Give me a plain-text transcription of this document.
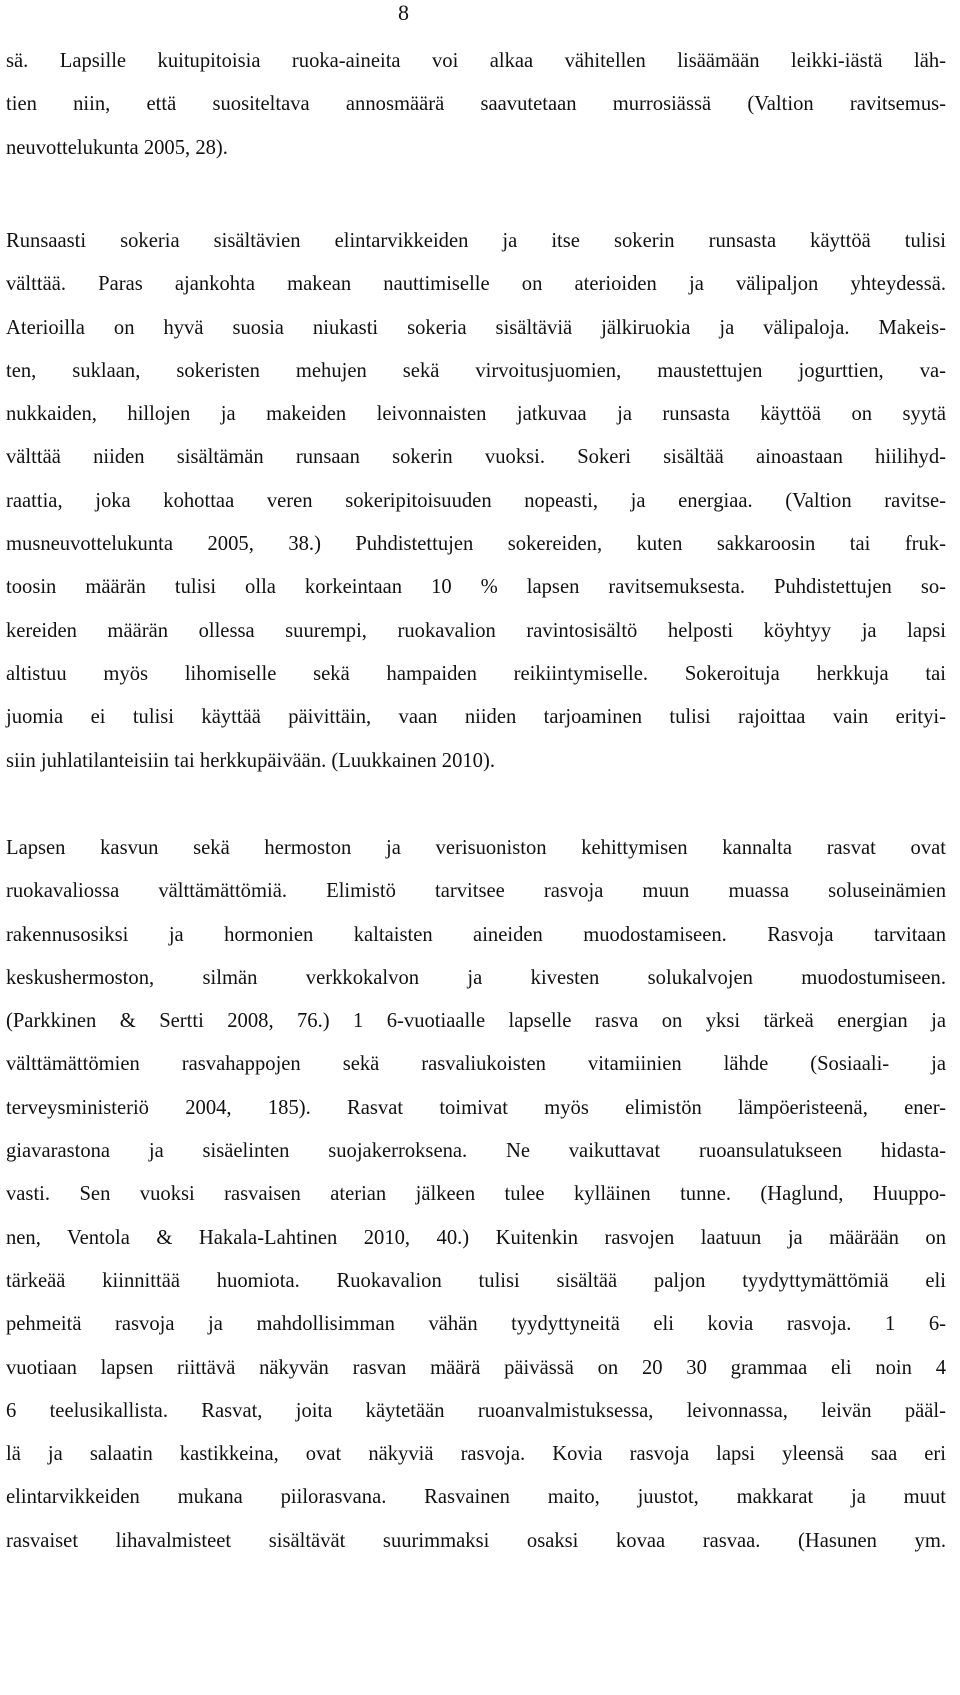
8
sä. Lapsille kuitupitoisia ruoka-aineita voi alkaa vähitellen lisäämään leikki-iästä läh-
tien niin, että suositeltava annosmäärä saavutetaan murrosiässä (Valtion ravitsemus-
neuvottelukunta 2005, 28).
Runsaasti sokeria sisältävien elintarvikkeiden ja itse sokerin runsasta käyttöä tulisi
välttää. Paras ajankohta makean nauttimiselle on aterioiden ja välipaljon yhteydessä.
Aterioilla on hyvä suosia niukasti sokeria sisältäviä jälkiruokia ja välipaloja. Makeis-
ten, suklaan, sokeristen mehujen sekä virvoitusjuomien, maustettujen jogurttien, va-
nukkaiden, hillojen ja makeiden leivonnaisten jatkuvaa ja runsasta käyttöä on syytä
välttää niiden sisältämän runsaan sokerin vuoksi. Sokeri sisältää ainoastaan hiilihyd-
raattia, joka kohottaa veren sokeripitoisuuden nopeasti, ja energiaa. (Valtion ravitse-
musneuvottelukunta 2005, 38.) Puhdistettujen sokereiden, kuten sakkaroosin tai fruk-
toosin määrän tulisi olla korkeintaan 10 % lapsen ravitsemuksesta. Puhdistettujen so-
kereiden määrän ollessa suurempi, ruokavalion ravintosisältö helposti köyhtyy ja lapsi
altistuu myös lihomiselle sekä hampaiden reikiintymiselle. Sokeroituja herkkuja tai
juomia ei tulisi käyttää päivittäin, vaan niiden tarjoaminen tulisi rajoittaa vain erityi-
siin juhlatilanteisiin tai herkkupäivään. (Luukkainen 2010).
Lapsen kasvun sekä hermoston ja verisuoniston kehittymisen kannalta rasvat ovat
ruokavaliossa välttämättömiä. Elimistö tarvitsee rasvoja muun muassa soluseinämien
rakennusosiksi ja hormonien kaltaisten aineiden muodostamiseen. Rasvoja tarvitaan
keskushermoston, silmän verkkokalvon ja kivesten solukalvojen muodostumiseen.
(Parkkinen & Sertti 2008, 76.) 1 6-vuotiaalle lapselle rasva on yksi tärkeä energian ja
välttämättömien rasvahappojen sekä rasvaliukoisten vitamiinien lähde (Sosiaali- ja
terveysministeriö 2004, 185). Rasvat toimivat myös elimistön lämpöeristeenä, ener-
giavarastona ja sisäelinten suojakerroksena. Ne vaikuttavat ruoansulatukseen hidasta-
vasti. Sen vuoksi rasvaisen aterian jälkeen tulee kylläinen tunne. (Haglund, Huuppo-
nen, Ventola & Hakala-Lahtinen 2010, 40.) Kuitenkin rasvojen laatuun ja määrään on
tärkeää kiinnittää huomiota. Ruokavalion tulisi sisältää paljon tyydyttymättömiä eli
pehmeitä rasvoja ja mahdollisimman vähän tyydyttyneitä eli kovia rasvoja. 1 6-
vuotiaan lapsen riittävä näkyvän rasvan määrä päivässä on 20 30 grammaa eli noin 4
6 teelusikallista. Rasvat, joita käytetään ruoanvalmistuksessa, leivonnassa, leivän pääl-
lä ja salaatin kastikkeina, ovat näkyviä rasvoja. Kovia rasvoja lapsi yleensä saa eri
elintarvikkeiden mukana piilorasvana. Rasvainen maito, juustot, makkarat ja muut
rasvaiset lihavalmisteet sisältävät suurimmaksi osaksi kovaa rasvaa. (Hasunen ym.
